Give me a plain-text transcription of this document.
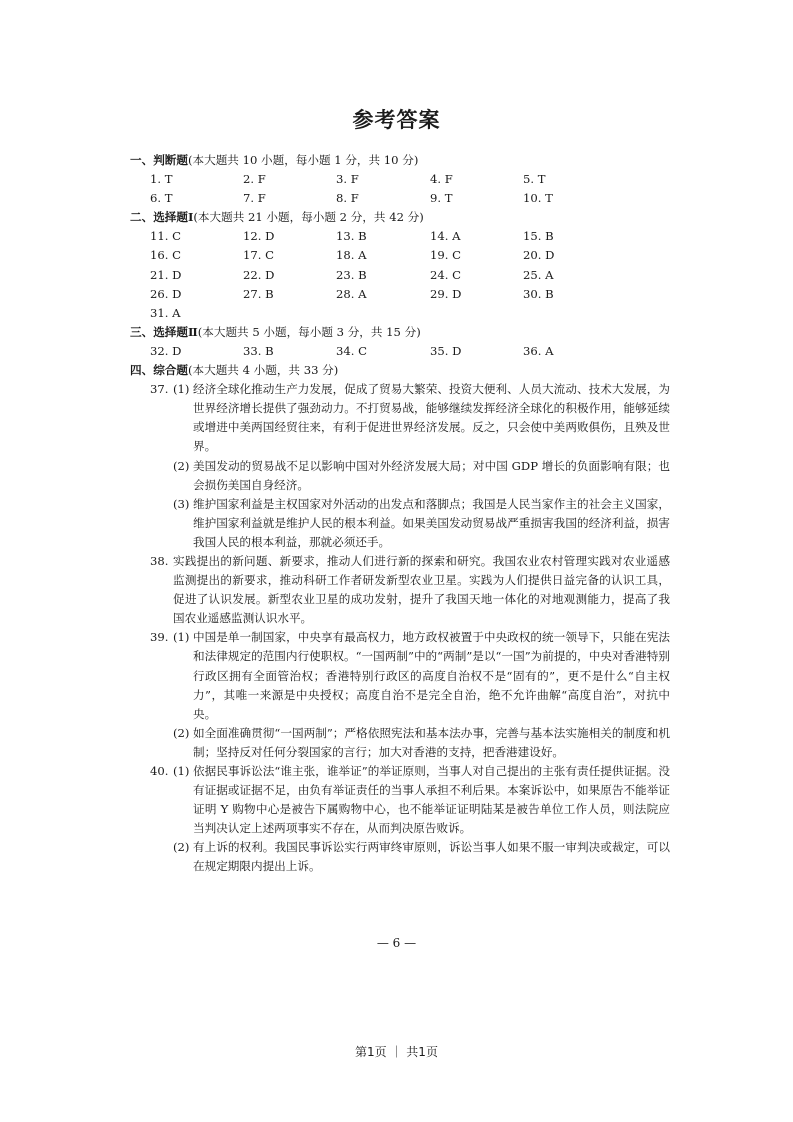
参考答案
一、判断题(本大题共 10 小题，每小题 1 分，共 10 分)
1. T	2. F	3. F	4. F	5. T
6. T	7. F	8. F	9. T	10. T
二、选择题Ⅰ(本大题共 21 小题，每小题 2 分，共 42 分)
11. C	12. D	13. B	14. A	15. B
16. C	17. C	18. A	19. C	20. D
21. D	22. D	23. B	24. C	25. A
26. D	27. B	28. A	29. D	30. B
31. A
三、选择题Ⅱ(本大题共 5 小题，每小题 3 分，共 15 分)
32. D	33. B	34. C	35. D	36. A
四、综合题(本大题共 4 小题，共 33 分)
37. (1) 经济全球化推动生产力发展，促成了贸易大繁荣、投资大便利、人员大流动、技术大发展，为世界经济增长提供了强劲动力。不打贸易战，能够继续发挥经济全球化的积极作用，能够延续或增进中美两国经贸往来，有利于促进世界经济发展。反之，只会使中美两败俱伤，且殃及世界。
(2) 美国发动的贸易战不足以影响中国对外经济发展大局；对中国 GDP 增长的负面影响有限；也会损伤美国自身经济。
(3) 维护国家利益是主权国家对外活动的出发点和落脚点；我国是人民当家作主的社会主义国家，维护国家利益就是维护人民的根本利益。如果美国发动贸易战严重损害我国的经济利益，损害我国人民的根本利益，那就必须还手。
38. 实践提出的新问题、新要求，推动人们进行新的探索和研究。我国农业农村管理实践对农业遥感监测提出的新要求，推动科研工作者研发新型农业卫星。实践为人们提供日益完备的认识工具，促进了认识发展。新型农业卫星的成功发射，提升了我国天地一体化的对地观测能力，提高了我国农业遥感监测认识水平。
39. (1) 中国是单一制国家，中央享有最高权力，地方政权被置于中央政权的统一领导下，只能在宪法和法律规定的范围内行使职权。“一国两制”中的“两制”是以“一国”为前提的，中央对香港特别行政区拥有全面管治权；香港特别行政区的高度自治权不是“固有的”，更不是什么“自主权力”，其唯一来源是中央授权；高度自治不是完全自治，绝不允许曲解“高度自治”，对抗中央。
(2) 如全面准确贯彻“一国两制”；严格依照宪法和基本法办事，完善与基本法实施相关的制度和机制；坚持反对任何分裂国家的言行；加大对香港的支持，把香港建设好。
40. (1) 依据民事诉讼法“谁主张，谁举证”的举证原则，当事人对自己提出的主张有责任提供证据。没有证据或证据不足，由负有举证责任的当事人承担不利后果。本案诉讼中，如果原告不能举证证明 Y 购物中心是被告下属购物中心，也不能举证证明陆某是被告单位工作人员，则法院应当判决认定上述两项事实不存在，从而判决原告败诉。
(2) 有上诉的权利。我国民事诉讼实行两审终审原则，诉讼当事人如果不服一审判决或裁定，可以在规定期限内提出上诉。
— 6 —
第1页 ｜ 共1页
